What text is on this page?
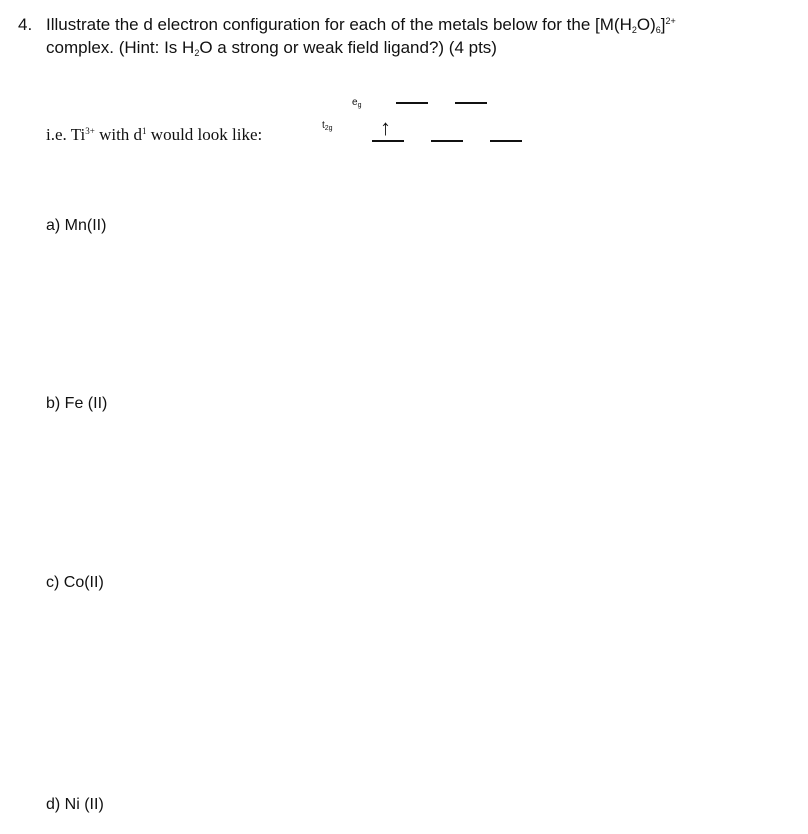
4. Illustrate the d electron configuration for each of the metals below for the $[M(H_2O)_6]^{2+}$
complex. (Hint: Is $H_2O$ a strong or weak field ligand?) (4 pts)
i.e. $Ti^{3+}$ with $d^1$ would look like:	$t_{2g}$
$e_g$
↑
a) Mn(II)
b) Fe (II)
c) Co(II)
d) Ni (II)
